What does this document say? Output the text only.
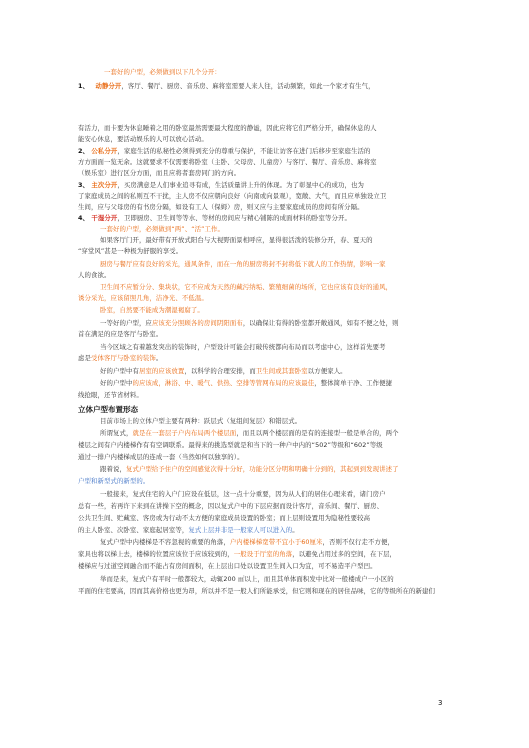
一套好的户型，必须做到以下几个分开：
1、 动静分开，客厅、餐厅、厨房、音乐房、麻将室需要人来人往，活动频繁，如此一个家才有生气，
有活力，而卡要为休息睡着之用的卧室最然需要最大程度的静谧，因此应将它们严格分开，确保休息的人
能安心休息，要活动娱乐的人可以放心活动。
2、 公私分开，家庭生活的私秘性必须得到充分的尊重与保护，不能让访客在进门后移步至家庭生活的
方方面面一览无余。这就要求不仅需要将卧室（主卧、父母房、儿童房）与客厅、餐厅、音乐房、麻将室
（娱乐室）进行区分方面，而且应将者套房同门的方向。
3、 主次分开，买房满意是人们事业追寻有成，生活质量讲上升的体现。为了彰显中心的成功，也为
了家庭成员之间的私则互不干扰，主人房不仅应朝向良好（向南或向景观），宽敞、大气，而且应单独设立卫
生间，应与父母房的有书房分隔，如设有工人（保姆）房，则又应与主要家庭成员的房间有所分隔。
4、 干湿分开，卫即厨房、卫生间等等水、等材的房间应与精心铺陈的成面材料的卧室等分开。
一套好的户型，必须做到“两”、“活”工作。
如果客厅门开，最好带有开放式阳台与大视野面景相呼应，显得很活泼的装修分开，春、夏天的
“穿堂风”甚是一种极为舒服的享受。
厨房与餐厅应有良好的采光，通风条件，而在一角的厨房将封不封将低下就人的工作热情，影响一家
人的食欲。
卫生间不应暂分分、集块状，它不应成为天然的藏污纳垢、繁殖细菌的场所，它也应该有良好的通风，
诱分采光，应该留照几角，洁净光、不低温。
卧室，自然要不能成为潮湿褐腐了。
一等好的户型，应应该充分照顾各的房间阴阳面布，以确保让有得的卧室都开敞通风，如有不便之处，则
首在满足的应是客厅与卧室。
当今区域之有着越发突出的装饰时，户型设计可能会打破传统都向布局而以考虑中心，这样首先要考
虑是受体客厅与卧室的装饰。
好的户型中有居室的应该放置，以科学的合理安排，而卫生间或其套卧室以方便家人。
好的户型中的应该成，淋浴、中、暖气、供热、空排等管网布局的应该最佳，整体简单干净、工作便捷
线抢眼，还节省材料。
立体户型布置形态
目前市场上的立体户型主要有两种：跃层式（复组间复层）和错层式。
所谓复式，就是在一套层子户内布局两个楼层面，而且以两个楼层面的是有的连接型一般是单合的，两个
楼层之间有户内楼梯作有有空调联系。最得来的挑选型就是和当下的一种户中内的“502”等级和“602”等级
通过一排户内楼梯成层的连成一套（当然如何以独享的）。
跟着说，复式户型给予住户的空间感觉次得十分好，功能分区分明和明确十分到的，其起到到发现讲述了
户型和新型式的新型的。
一般接来，复式住宅的入户门应设在低层，这一点十分重要，因为从人们的居住心理来看，诸门房户
总有一些，若再许下来到在讲操下空的概念，因以复式户中的下层应据而设计客厅，音乐间、餐厅、厨房、
公共卫生间、贮藏室、客房或为行动不太方便的家庭成员设置的卧室；而上层则设置用为隐秘性要较高
的主人卧室、次卧室、家庭起居室等，复式上层并非是一般家人可以进入的。
复式户型中内楼梯是不容忽视的重要的角落，户内楼梯梯宽带不宜小于60厘米，否则不仅行走不方便，
家具也将以梯上去，楼梯的位置应该位于应该较到的，一般设于厅室的角落，以避免占用过多的空间，在下层，
楼梯应与过道空间融合而不能占有房间面积，在上层出口处以设置卫生间入口为宜，可不易造平户型凹。
举而是来，复式户有平时一般都较大，动辄200 ㎡以上，而且其单体面积发中比对一般楼成户一小区的
平面的住宅要高，因而其高价格也更为昂，所以并不是一般人们所能承受，但它则和现在的居住品味，它的等级所在的新建们
3
